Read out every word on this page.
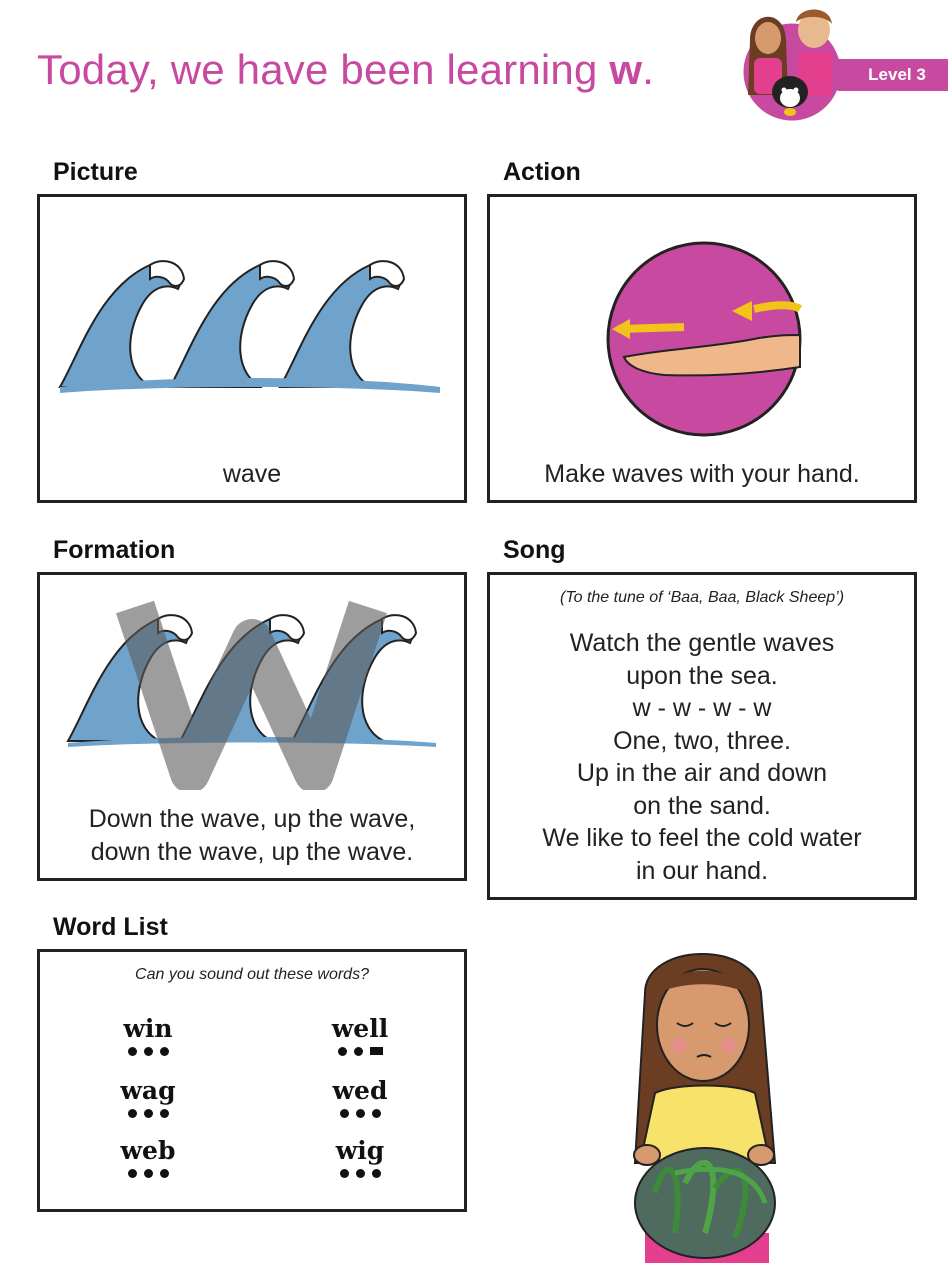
Today, we have been learning w.	Level 3
Picture
wave
Action
Make waves with your hand.
Formation
Down the wave, up the wave,
down the wave, up the wave.
Song
(To the tune of ‘Baa, Baa, Black Sheep’)
Watch the gentle waves
upon the sea.
w - w - w - w
One, two, three.
Up in the air and down
on the sand.
We like to feel the cold water
in our hand.
Word List
Can you sound out these words?
win	well
wag	wed
web	wig
